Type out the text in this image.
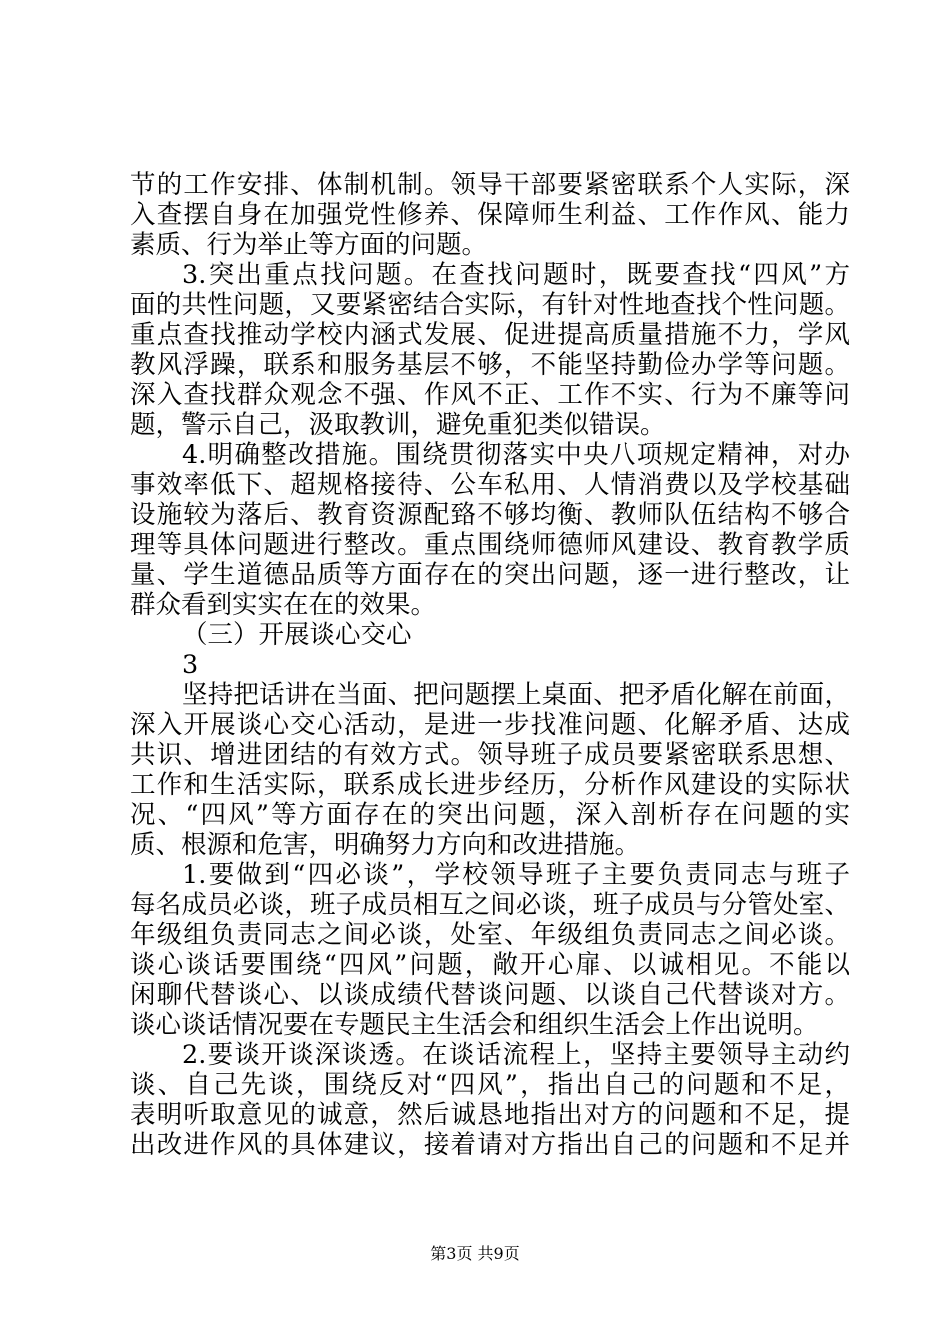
节的工作安排、体制机制。领导干部要紧密联系个人实际，深
入查摆自身在加强党性修养、保障师生利益、工作作风、能力
素质、行为举止等方面的问题。
3.突出重点找问题。在查找问题时，既要查找“四风”方
面的共性问题，又要紧密结合实际，有针对性地查找个性问题。
重点查找推动学校内涵式发展、促进提高质量措施不力，学风
教风浮躁，联系和服务基层不够，不能坚持勤俭办学等问题。
深入查找群众观念不强、作风不正、工作不实、行为不廉等问
题，警示自己，汲取教训，避免重犯类似错误。
4.明确整改措施。围绕贯彻落实中央八项规定精神，对办
事效率低下、超规格接待、公车私用、人情消费以及学校基础
设施较为落后、教育资源配臵不够均衡、教师队伍结构不够合
理等具体问题进行整改。重点围绕师德师风建设、教育教学质
量、学生道德品质等方面存在的突出问题，逐一进行整改，让
群众看到实实在在的效果。
（三）开展谈心交心
3
坚持把话讲在当面、把问题摆上桌面、把矛盾化解在前面，
深入开展谈心交心活动，是进一步找准问题、化解矛盾、达成
共识、增进团结的有效方式。领导班子成员要紧密联系思想、
工作和生活实际，联系成长进步经历，分析作风建设的实际状
况、“四风”等方面存在的突出问题，深入剖析存在问题的实
质、根源和危害，明确努力方向和改进措施。
1.要做到“四必谈”，学校领导班子主要负责同志与班子
每名成员必谈，班子成员相互之间必谈，班子成员与分管处室、
年级组负责同志之间必谈，处室、年级组负责同志之间必谈。
谈心谈话要围绕“四风”问题，敞开心扉、以诚相见。不能以
闲聊代替谈心、以谈成绩代替谈问题、以谈自己代替谈对方。
谈心谈话情况要在专题民主生活会和组织生活会上作出说明。
2.要谈开谈深谈透。在谈话流程上，坚持主要领导主动约
谈、自己先谈，围绕反对“四风”，指出自己的问题和不足，
表明听取意见的诚意，然后诚恳地指出对方的问题和不足，提
出改进作风的具体建议，接着请对方指出自己的问题和不足并
第3页 共9页
